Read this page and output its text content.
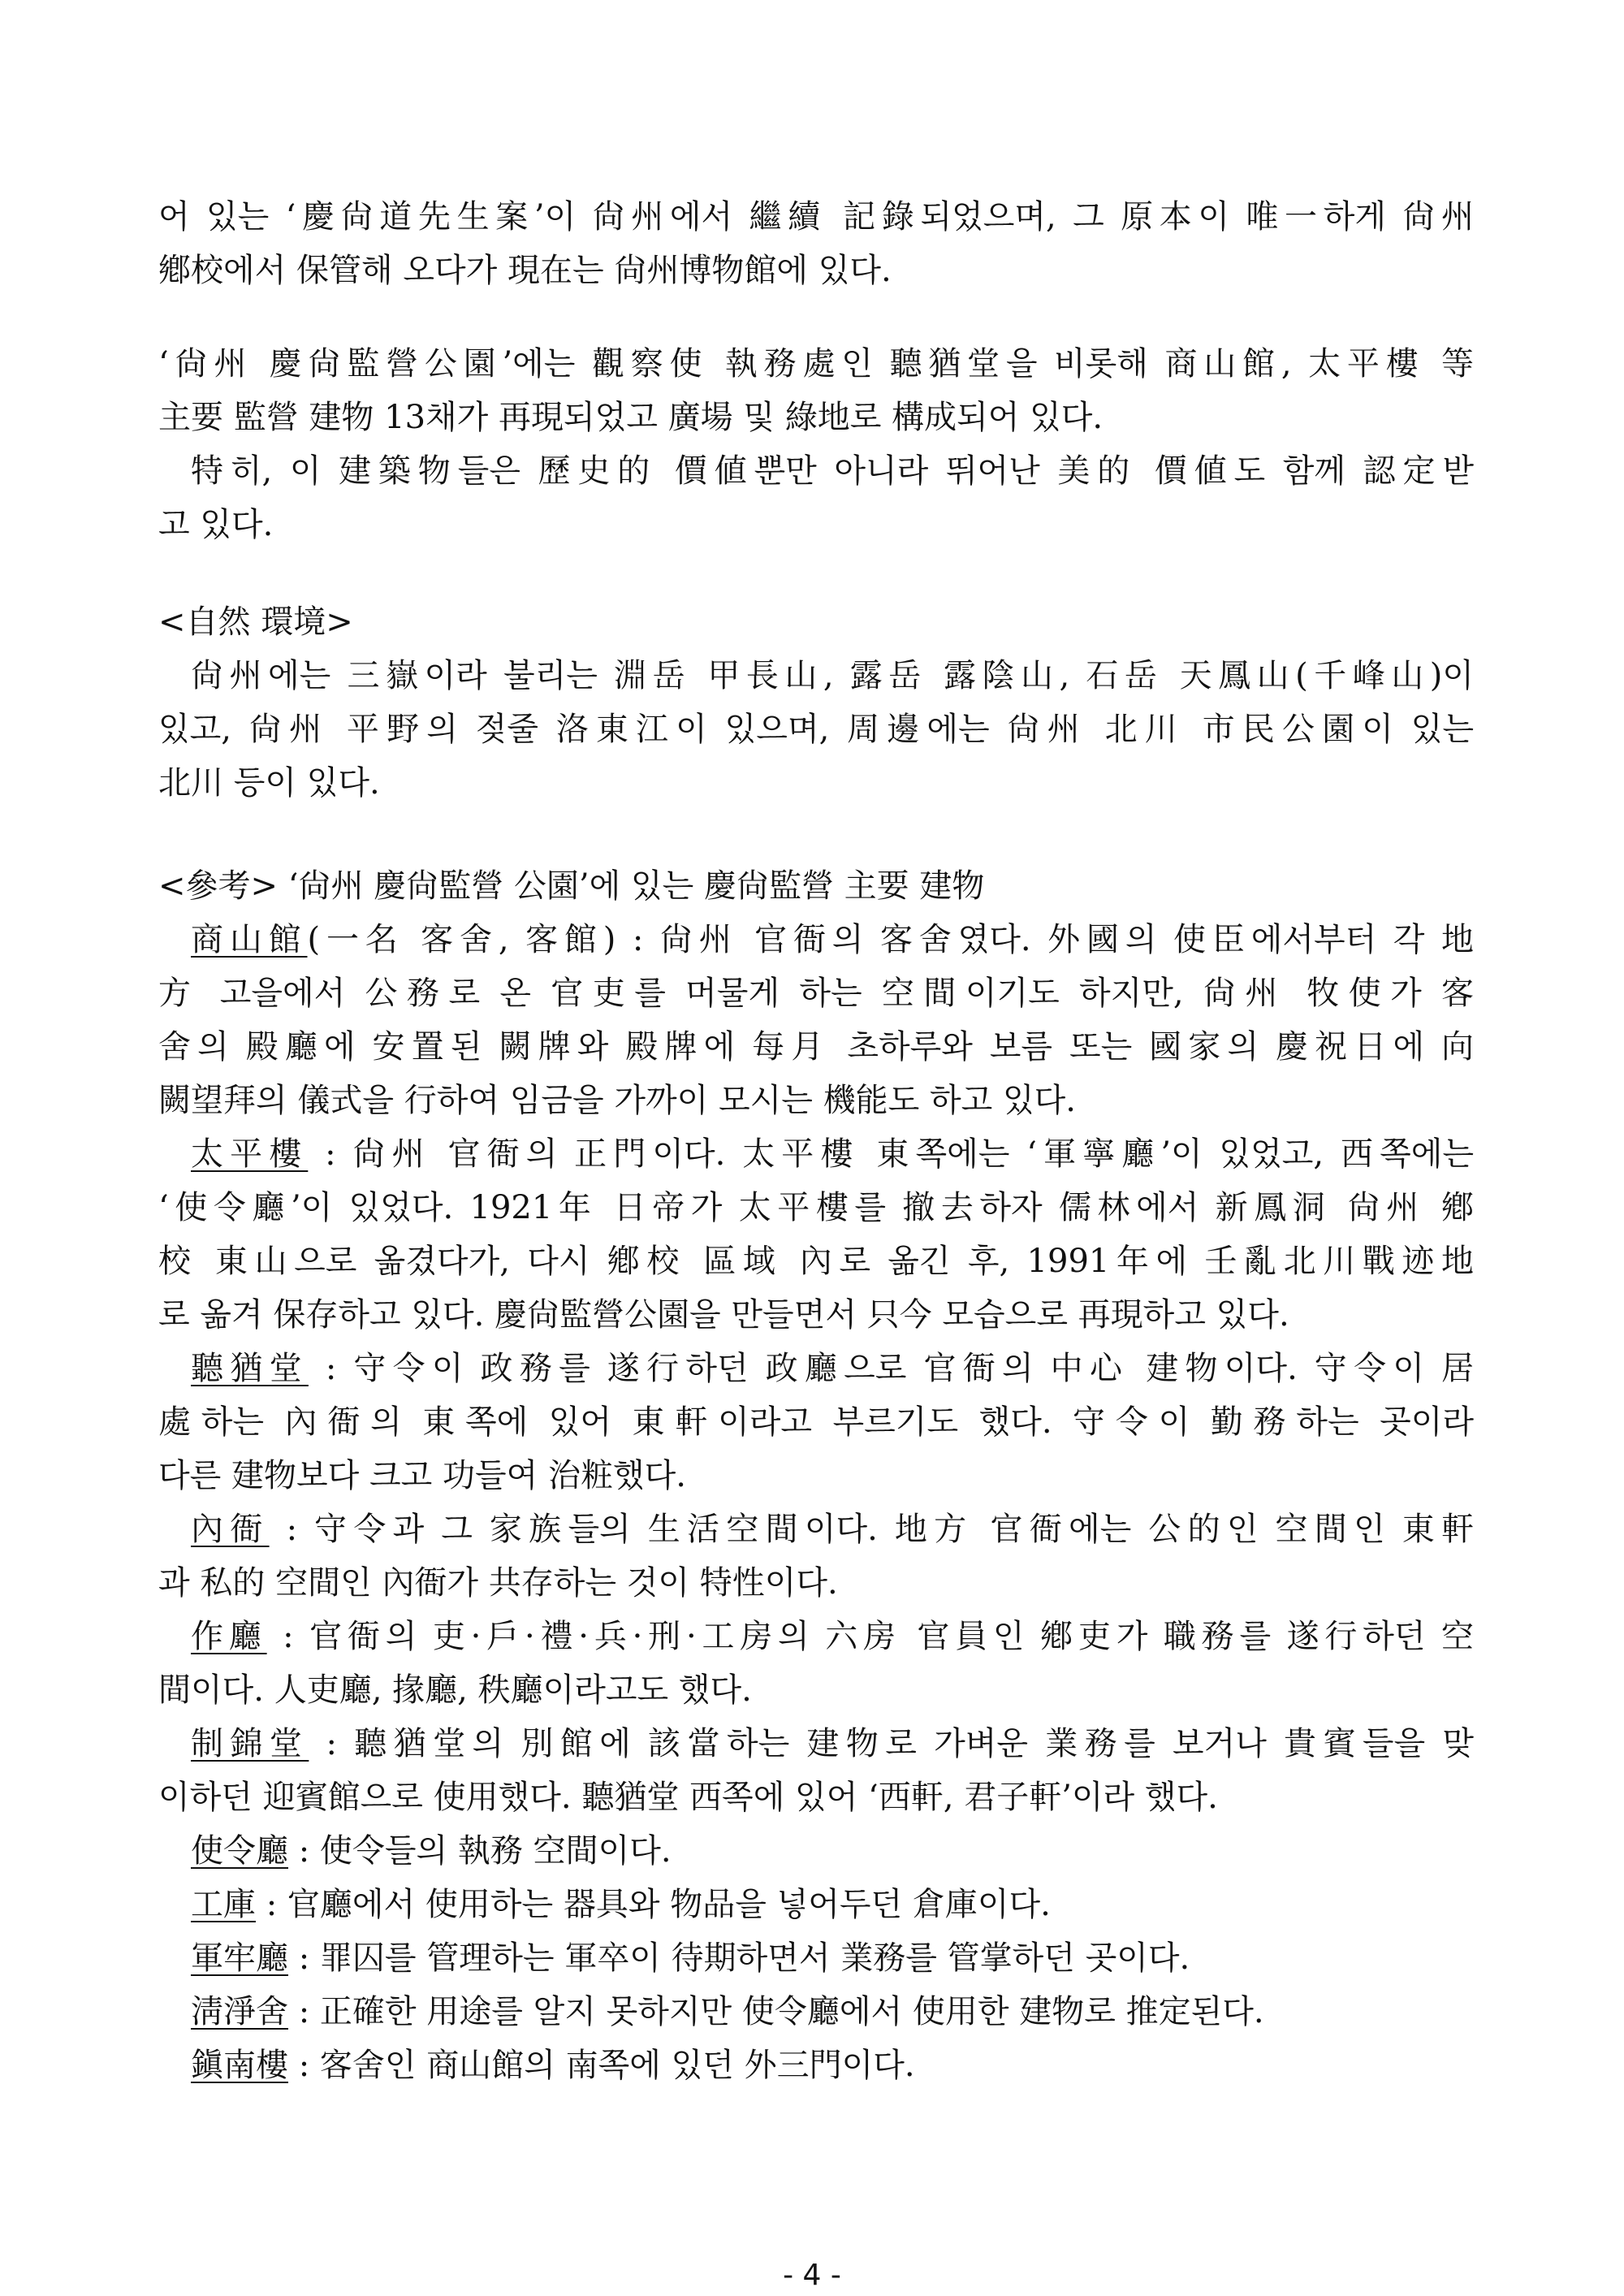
어 있는 ‘慶尙道先生案’이 尙州에서 繼續 記錄되었으며, 그 原本이 唯一하게 尙州
鄕校에서 保管해 오다가 現在는 尙州博物館에 있다.
‘尙州 慶尙監營公園’에는 觀察使 執務處인 聽猶堂을 비롯해 商山館, 太平樓 等
主要 監營 建物 13채가 再現되었고 廣場 및 綠地로 構成되어 있다.
特히, 이 建築物들은 歷史的 價値뿐만 아니라 뛰어난 美的 價値도 함께 認定받
고 있다.
<自然 環境>
尙州에는 三嶽이라 불리는 淵岳 甲長山, 露岳 露陰山, 石岳 天鳳山(千峰山)이
있고, 尙州 平野의 젖줄 洛東江이 있으며, 周邊에는 尙州 北川 市民公園이 있는
北川 등이 있다.
<參考> ‘尙州 慶尙監營 公園’에 있는 慶尙監營 主要 建物
商山館(一名 客舍, 客館) : 尙州 官衙의 客舍였다. 外國의 使臣에서부터 각 地
方 고을에서 公務로 온 官吏를 머물게 하는 空間이기도 하지만, 尙州 牧使가 客
舍의 殿廳에 安置된 闕牌와 殿牌에 每月 초하루와 보름 또는 國家의 慶祝日에 向
闕望拜의 儀式을 行하여 임금을 가까이 모시는 機能도 하고 있다.
太平樓 : 尙州 官衙의 正門이다. 太平樓 東쪽에는 ‘軍寧廳’이 있었고, 西쪽에는
‘使令廳’이 있었다. 1921年 日帝가 太平樓를 撤去하자 儒林에서 新鳳洞 尙州 鄕
校 東山으로 옮겼다가, 다시 鄕校 區域 內로 옮긴 후, 1991年에 壬亂北川戰迹地
로 옮겨 保存하고 있다. 慶尙監營公園을 만들면서 只今 모습으로 再現하고 있다.
聽猶堂 : 守令이 政務를 遂行하던 政廳으로 官衙의 中心 建物이다. 守令이 居
處하는 內衙의 東쪽에 있어 東軒이라고 부르기도 했다. 守令이 勤務하는 곳이라
다른 建物보다 크고 功들여 治粧했다.
內衙 : 守令과 그 家族들의 生活空間이다. 地方 官衙에는 公的인 空間인 東軒
과 私的 空間인 內衙가 共存하는 것이 特性이다.
作廳 : 官衙의 吏·戶·禮·兵·刑·工房의 六房 官員인 鄕吏가 職務를 遂行하던 空
間이다. 人吏廳, 掾廳, 秩廳이라고도 했다.
制錦堂 : 聽猶堂의 別館에 該當하는 建物로 가벼운 業務를 보거나 貴賓들을 맞
이하던 迎賓館으로 使用했다. 聽猶堂 西쪽에 있어 ‘西軒, 君子軒’이라 했다.
使令廳 : 使令들의 執務 空間이다.
工庫 : 官廳에서 使用하는 器具와 物品을 넣어두던 倉庫이다.
軍牢廳 : 罪囚를 管理하는 軍卒이 待期하면서 業務를 管掌하던 곳이다.
淸淨舍 : 正確한 用途를 알지 못하지만 使令廳에서 使用한 建物로 推定된다.
鎭南樓 : 客舍인 商山館의 南쪽에 있던 外三門이다.
- 4 -
